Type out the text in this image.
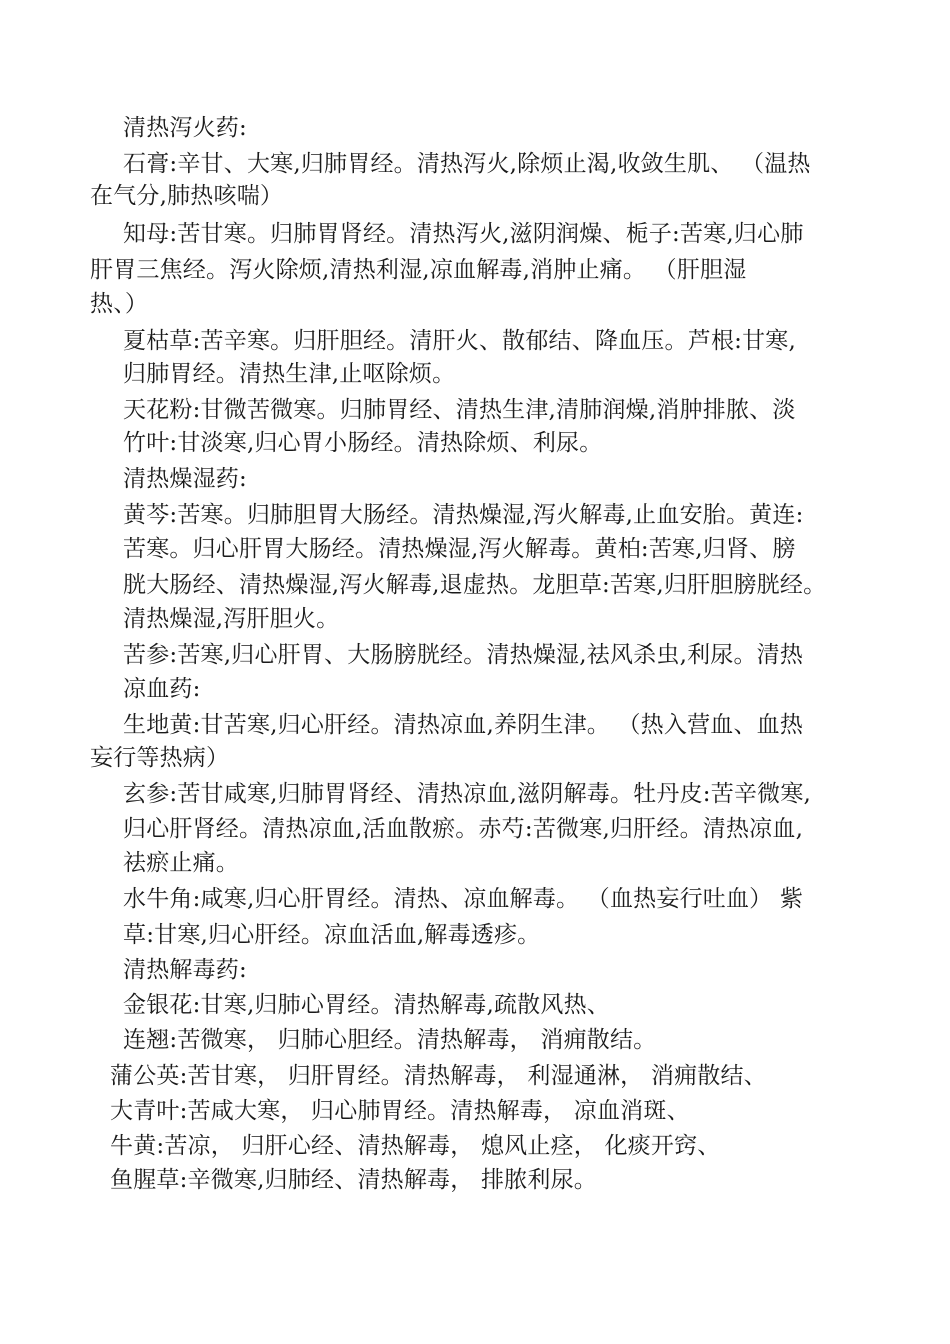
清热泻火药:
石膏:辛甘、大寒,归肺胃经。清热泻火,除烦止渴,收敛生肌、 （温热
在气分,肺热咳喘）
知母:苦甘寒。归肺胃肾经。清热泻火,滋阴润燥、栀子:苦寒,归心肺
肝胃三焦经。泻火除烦,清热利湿,凉血解毒,消肿止痛。 （肝胆湿
热、）
夏枯草:苦辛寒。归肝胆经。清肝火、散郁结、降血压。芦根:甘寒,
归肺胃经。清热生津,止呕除烦。
天花粉:甘微苦微寒。归肺胃经、清热生津,清肺润燥,消肿排脓、淡
竹叶:甘淡寒,归心胃小肠经。清热除烦、利尿。
清热燥湿药:
黄芩:苦寒。归肺胆胃大肠经。清热燥湿,泻火解毒,止血安胎。黄连:
苦寒。归心肝胃大肠经。清热燥湿,泻火解毒。黄柏:苦寒,归肾、膀
胱大肠经、清热燥湿,泻火解毒,退虚热。龙胆草:苦寒,归肝胆膀胱经。
清热燥湿,泻肝胆火。
苦参:苦寒,归心肝胃、大肠膀胱经。清热燥湿,祛风杀虫,利尿。清热
凉血药:
生地黄:甘苦寒,归心肝经。清热凉血,养阴生津。 （热入营血、血热
妄行等热病）
玄参:苦甘咸寒,归肺胃肾经、清热凉血,滋阴解毒。牡丹皮:苦辛微寒,
归心肝肾经。清热凉血,活血散瘀。赤芍:苦微寒,归肝经。清热凉血,
祛瘀止痛。
水牛角:咸寒,归心肝胃经。清热、凉血解毒。 （血热妄行吐血） 紫
草:甘寒,归心肝经。凉血活血,解毒透疹。
清热解毒药:
金银花:甘寒,归肺心胃经。清热解毒,疏散风热、
连翘:苦微寒， 归肺心胆经。清热解毒， 消痈散结。
蒲公英:苦甘寒， 归肝胃经。清热解毒， 利湿通淋， 消痈散结、
大青叶:苦咸大寒， 归心肺胃经。清热解毒， 凉血消斑、
牛黄:苦凉， 归肝心经、清热解毒， 熄风止痉， 化痰开窍、
鱼腥草:辛微寒,归肺经、清热解毒， 排脓利尿。
